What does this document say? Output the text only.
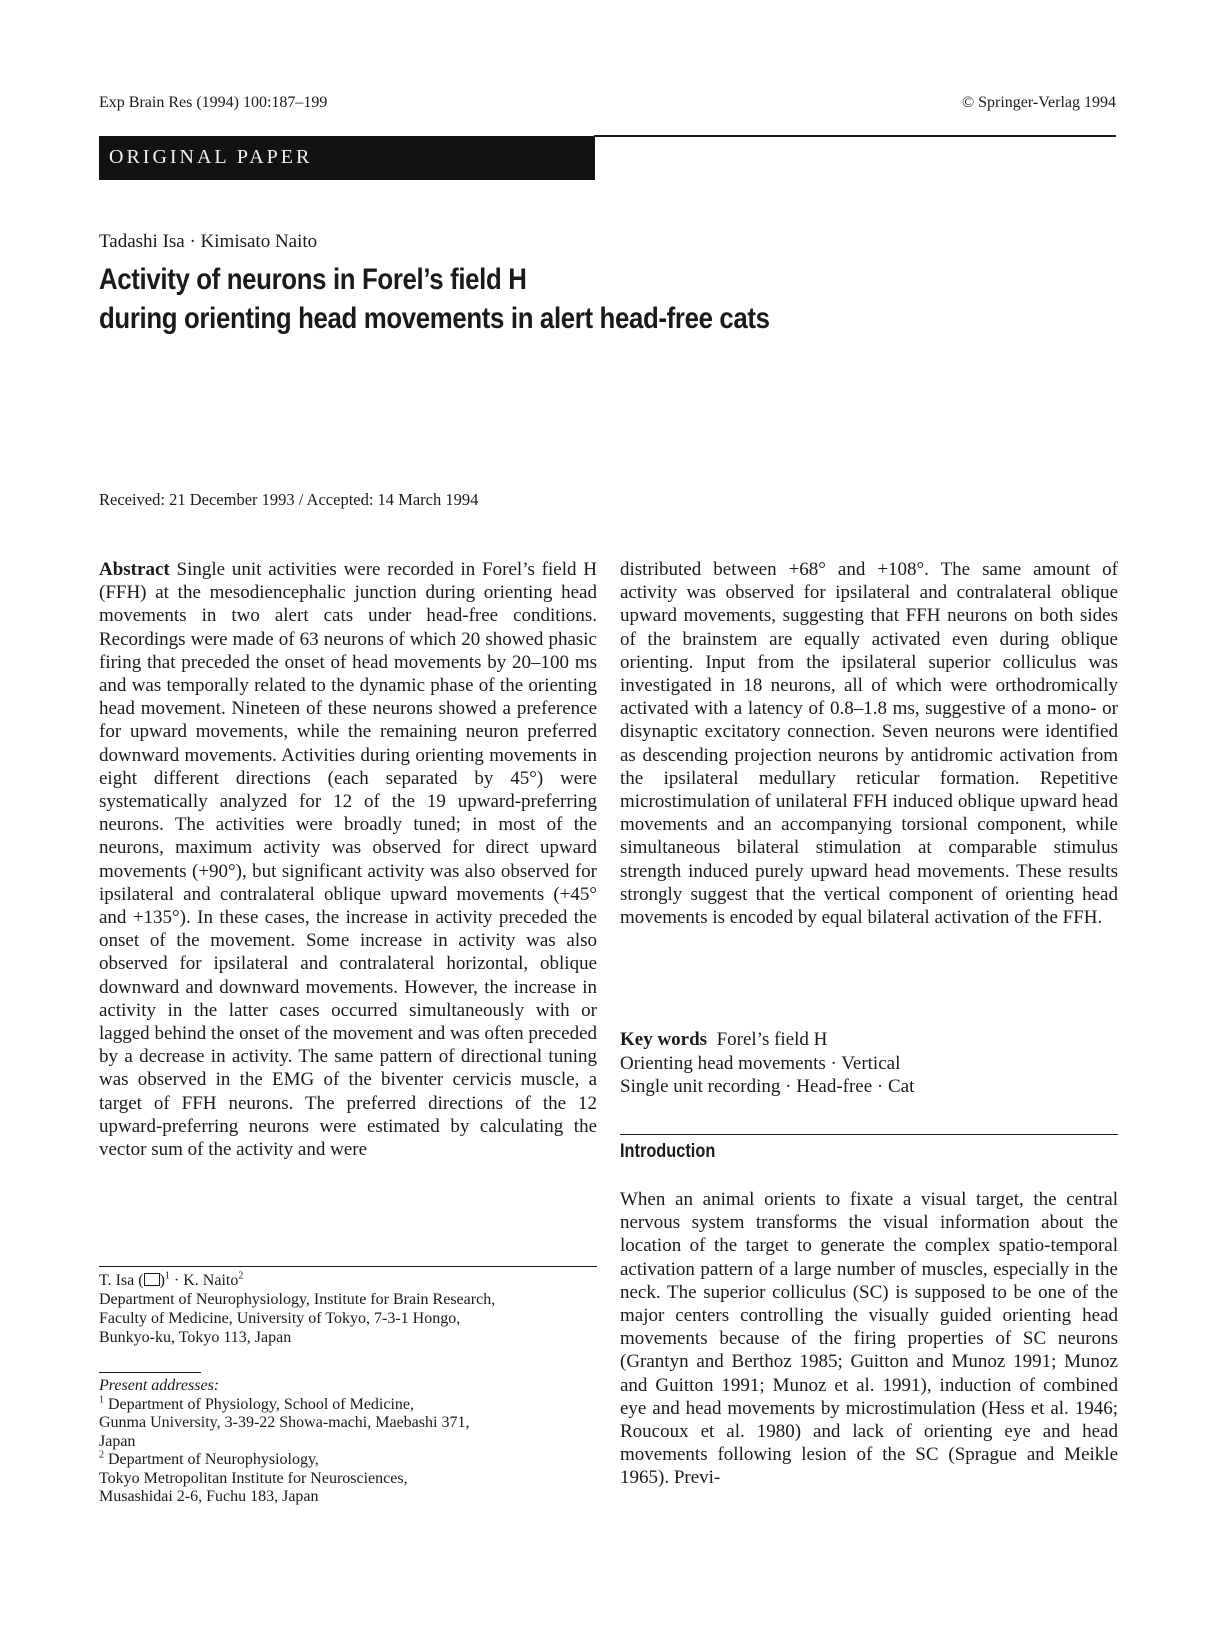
Exp Brain Res (1994) 100:187–199	© Springer-Verlag 1994
ORIGINAL PAPER
Tadashi Isa · Kimisato Naito
Activity of neurons in Forel’s field H
during orienting head movements in alert head-free cats
Received: 21 December 1993 / Accepted: 14 March 1994
Abstract Single unit activities were recorded in Forel’s field H (FFH) at the mesodiencephalic junction during orienting head movements in two alert cats under head-free conditions. Recordings were made of 63 neurons of which 20 showed phasic firing that preceded the onset of head movements by 20–100 ms and was temporally related to the dynamic phase of the orienting head movement. Nineteen of these neurons showed a preference for upward movements, while the remaining neuron preferred downward movements. Activities during orienting movements in eight different directions (each separated by 45°) were systematically analyzed for 12 of the 19 upward-preferring neurons. The activities were broadly tuned; in most of the neurons, maximum activity was observed for direct upward movements (+90°), but significant activity was also observed for ipsilateral and contralateral oblique upward movements (+45° and +135°). In these cases, the increase in activity preceded the onset of the movement. Some increase in activity was also observed for ipsilateral and contralateral horizontal, oblique downward and downward movements. However, the increase in activity in the latter cases occurred simultaneously with or lagged behind the onset of the movement and was often preceded by a decrease in activity. The same pattern of directional tuning was observed in the EMG of the biventer cervicis muscle, a target of FFH neurons. The preferred directions of the 12 upward-preferring neurons were estimated by calculating the vector sum of the activity and were
distributed between +68° and +108°. The same amount of activity was observed for ipsilateral and contralateral oblique upward movements, suggesting that FFH neurons on both sides of the brainstem are equally activated even during oblique orienting. Input from the ipsilateral superior colliculus was investigated in 18 neurons, all of which were orthodromically activated with a latency of 0.8–1.8 ms, suggestive of a mono- or disynaptic excitatory connection. Seven neurons were identified as descending projection neurons by antidromic activation from the ipsilateral medullary reticular formation. Repetitive microstimulation of unilateral FFH induced oblique upward head movements and an accompanying torsional component, while simultaneous bilateral stimulation at comparable stimulus strength induced purely upward head movements. These results strongly suggest that the vertical component of orienting head movements is encoded by equal bilateral activation of the FFH.
Key words Forel’s field H
Orienting head movements · Vertical
Single unit recording · Head-free · Cat
Introduction
When an animal orients to fixate a visual target, the central nervous system transforms the visual information about the location of the target to generate the complex spatio-temporal activation pattern of a large number of muscles, especially in the neck. The superior colliculus (SC) is supposed to be one of the major centers controlling the visually guided orienting head movements because of the firing properties of SC neurons (Grantyn and Berthoz 1985; Guitton and Munoz 1991; Munoz and Guitton 1991; Munoz et al. 1991), induction of combined eye and head movements by microstimulation (Hess et al. 1946; Roucoux et al. 1980) and lack of orienting eye and head movements following lesion of the SC (Sprague and Meikle 1965). Previ-
T. Isa ( )$^1$ · K. Naito$^2$
Department of Neurophysiology, Institute for Brain Research,
Faculty of Medicine, University of Tokyo, 7-3-1 Hongo,
Bunkyo-ku, Tokyo 113, Japan
Present addresses:
$^1$ Department of Physiology, School of Medicine,
Gunma University, 3-39-22 Showa-machi, Maebashi 371,
Japan
$^2$ Department of Neurophysiology,
Tokyo Metropolitan Institute for Neurosciences,
Musashidai 2-6, Fuchu 183, Japan
